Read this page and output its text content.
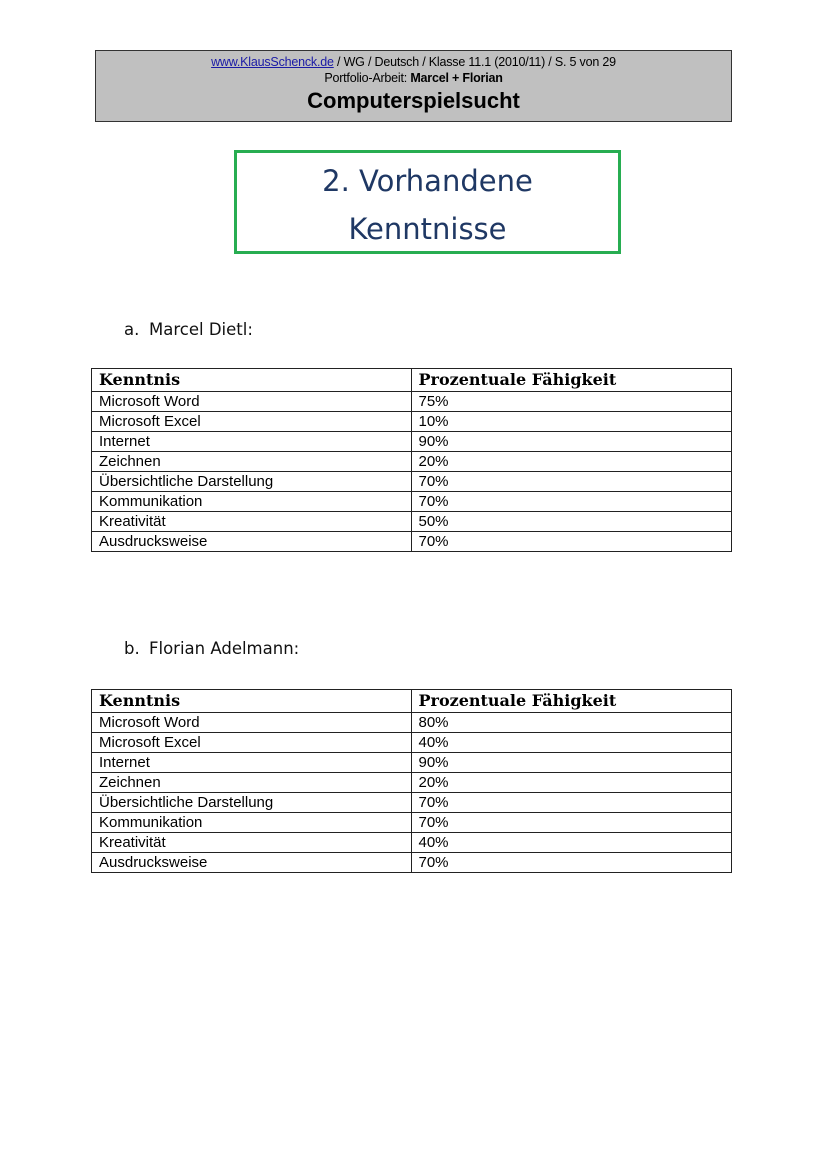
www.KlausSchenck.de / WG / Deutsch / Klasse 11.1 (2010/11) / S. 5 von 29
Portfolio-Arbeit: Marcel + Florian
Computerspielsucht
2. Vorhandene
Kenntnisse
a. Marcel Dietl:
Kenntnis	Prozentuale Fähigkeit
Microsoft Word	75%
Microsoft Excel	10%
Internet	90%
Zeichnen	20%
Übersichtliche Darstellung	70%
Kommunikation	70%
Kreativität	50%
Ausdrucksweise	70%
b. Florian Adelmann:
Kenntnis	Prozentuale Fähigkeit
Microsoft Word	80%
Microsoft Excel	40%
Internet	90%
Zeichnen	20%
Übersichtliche Darstellung	70%
Kommunikation	70%
Kreativität	40%
Ausdrucksweise	70%
